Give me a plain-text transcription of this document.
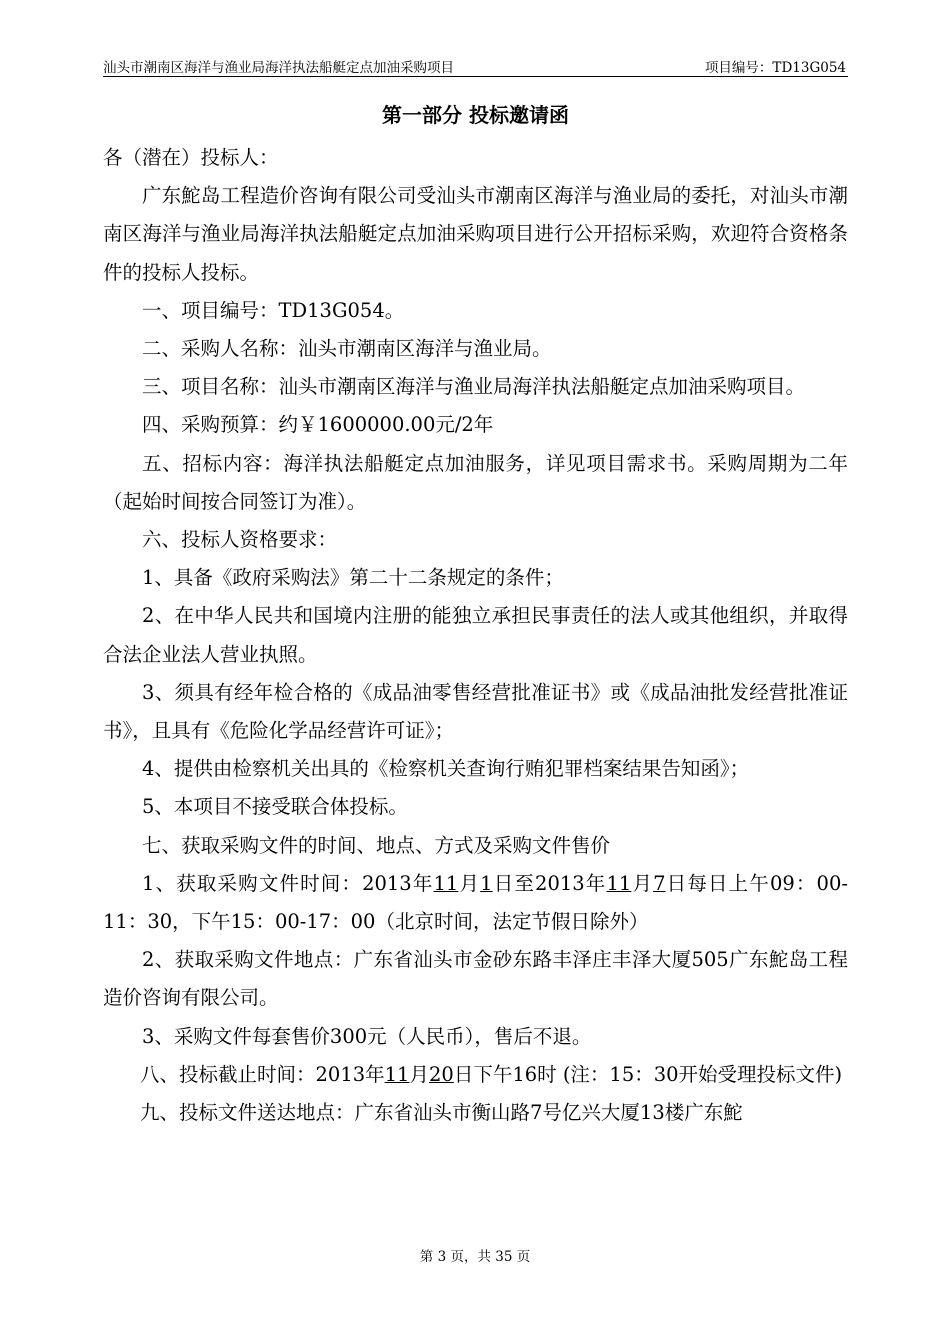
汕头市潮南区海洋与渔业局海洋执法船艇定点加油采购项目	项目编号：TD13G054
第一部分 投标邀请函

各（潜在）投标人：

广东鮀岛工程造价咨询有限公司受汕头市潮南区海洋与渔业局的委托，对汕头市潮南区海洋与渔业局海洋执法船艇定点加油采购项目进行公开招标采购，欢迎符合资格条件的投标人投标。

一、项目编号：TD13G054。

二、采购人名称：汕头市潮南区海洋与渔业局。

三、项目名称：汕头市潮南区海洋与渔业局海洋执法船艇定点加油采购项目。

四、采购预算：约￥1600000.00元/2年

五、招标内容：海洋执法船艇定点加油服务，详见项目需求书。采购周期为二年（起始时间按合同签订为准）。

六、投标人资格要求：

1、具备《政府采购法》第二十二条规定的条件；

2、在中华人民共和国境内注册的能独立承担民事责任的法人或其他组织，并取得合法企业法人营业执照。

3、须具有经年检合格的《成品油零售经营批准证书》或《成品油批发经营批准证书》，且具有《危险化学品经营许可证》；

4、提供由检察机关出具的《检察机关查询行贿犯罪档案结果告知函》；

5、本项目不接受联合体投标。

七、获取采购文件的时间、地点、方式及采购文件售价

1、获取采购文件时间：2013年11月1日至2013年11月7日每日上午09：00-11：30，下午15：00-17：00（北京时间，法定节假日除外）

2、获取采购文件地点：广东省汕头市金砂东路丰泽庄丰泽大厦505广东鮀岛工程造价咨询有限公司。

3、采购文件每套售价300元（人民币），售后不退。

八、投标截止时间：2013年11月20日下午16时 (注：15：30开始受理投标文件)

九、投标文件送达地点：广东省汕头市衡山路7号亿兴大厦13楼广东鮀

第 3 页，共 35 页
